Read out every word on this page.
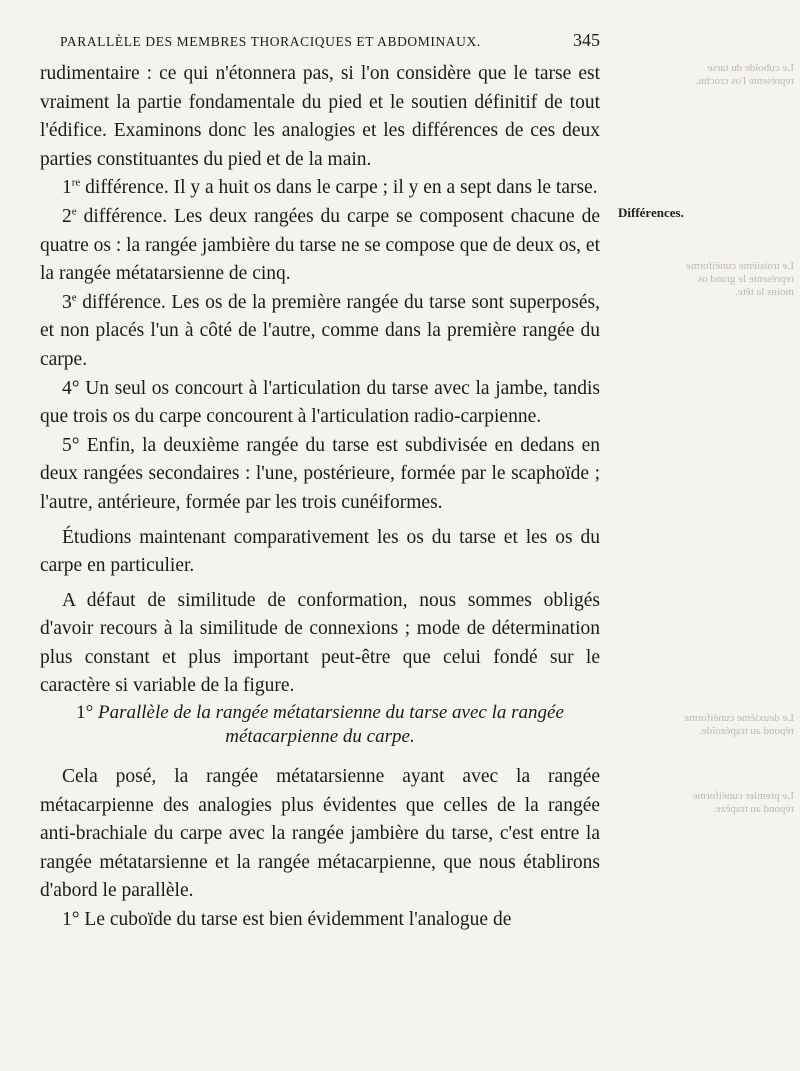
PARALLÈLE DES MEMBRES THORACIQUES ET ABDOMINAUX.	345
Différences.
Le cuboïde du tarse représente l'os crochu.
Le troisième cunéiforme représente le grand os moins la tête.
Le deuxième cunéiforme répond au trapézoïde.
Le premier cunéiforme répond au trapèze.

rudimentaire : ce qui n'étonnera pas, si l'on considère que le tarse est vraiment la partie fondamentale du pied et le soutien définitif de tout l'édifice. Examinons donc les analogies et les différences de ces deux parties constituantes du pied et de la main.

1re différence. Il y a huit os dans le carpe ; il y en a sept dans le tarse.

2e différence. Les deux rangées du carpe se composent chacune de quatre os : la rangée jambière du tarse ne se compose que de deux os, et la rangée métatarsienne de cinq.

3e différence. Les os de la première rangée du tarse sont superposés, et non placés l'un à côté de l'autre, comme dans la première rangée du carpe.

4° Un seul os concourt à l'articulation du tarse avec la jambe, tandis que trois os du carpe concourent à l'articulation radio-carpienne.

5° Enfin, la deuxième rangée du tarse est subdivisée en dedans en deux rangées secondaires : l'une, postérieure, formée par le scaphoïde ; l'autre, antérieure, formée par les trois cunéiformes.

Étudions maintenant comparativement les os du tarse et les os du carpe en particulier.

A défaut de similitude de conformation, nous sommes obligés d'avoir recours à la similitude de connexions ; mode de détermination plus constant et plus important peut-être que celui fondé sur le caractère si variable de la figure.

1° Parallèle de la rangée métatarsienne du tarse avec la rangée métacarpienne du carpe.

Cela posé, la rangée métatarsienne ayant avec la rangée métacarpienne des analogies plus évidentes que celles de la rangée anti-brachiale du carpe avec la rangée jambière du tarse, c'est entre la rangée métatarsienne et la rangée métacarpienne, que nous établirons d'abord le parallèle.

1° Le cuboïde du tarse est bien évidemment l'analogue de
